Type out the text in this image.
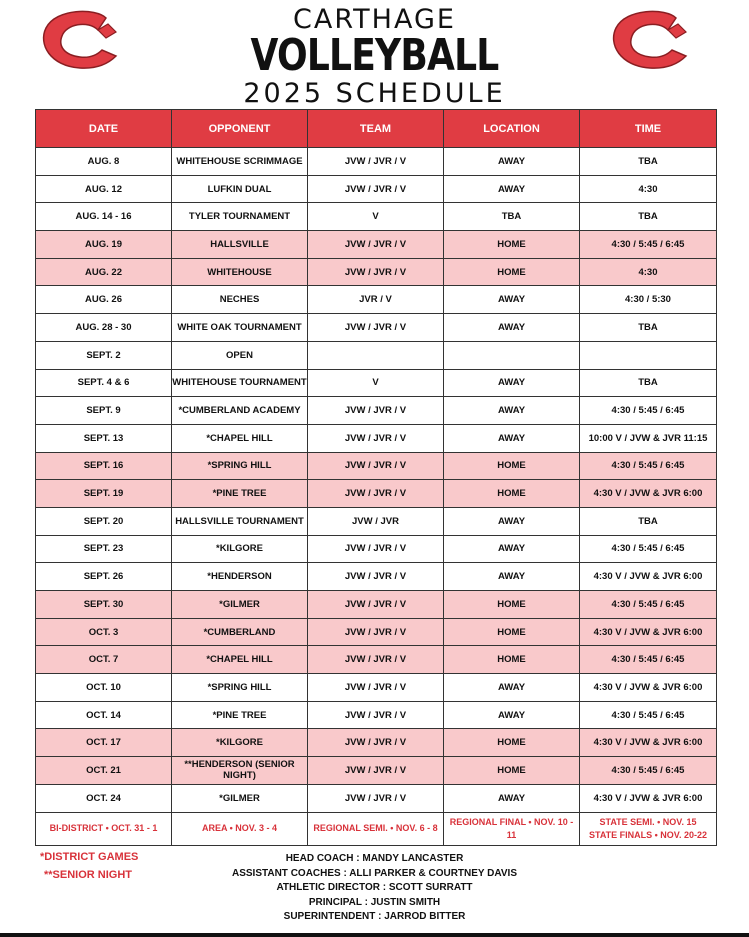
CARTHAGE
VOLLEYBALL
2025 SCHEDULE
DATE	OPPONENT	TEAM	LOCATION	TIME
AUG. 8	WHITEHOUSE SCRIMMAGE	JVW / JVR / V	AWAY	TBA
AUG. 12	LUFKIN DUAL	JVW / JVR / V	AWAY	4:30
AUG. 14 - 16	TYLER TOURNAMENT	V	TBA	TBA
AUG. 19	HALLSVILLE	JVW / JVR / V	HOME	4:30 / 5:45 / 6:45
AUG. 22	WHITEHOUSE	JVW / JVR / V	HOME	4:30
AUG. 26	NECHES	JVR / V	AWAY	4:30 / 5:30
AUG. 28 - 30	WHITE OAK TOURNAMENT	JVW / JVR / V	AWAY	TBA
SEPT. 2	OPEN			
SEPT. 4 & 6	WHITEHOUSE TOURNAMENT	V	AWAY	TBA
SEPT. 9	*CUMBERLAND ACADEMY	JVW / JVR / V	AWAY	4:30 / 5:45 / 6:45
SEPT. 13	*CHAPEL HILL	JVW / JVR / V	AWAY	10:00 V / JVW & JVR 11:15
SEPT. 16	*SPRING HILL	JVW / JVR / V	HOME	4:30 / 5:45 / 6:45
SEPT. 19	*PINE TREE	JVW / JVR / V	HOME	4:30 V / JVW & JVR 6:00
SEPT. 20	HALLSVILLE TOURNAMENT	JVW / JVR	AWAY	TBA
SEPT. 23	*KILGORE	JVW / JVR / V	AWAY	4:30 / 5:45 / 6:45
SEPT. 26	*HENDERSON	JVW / JVR / V	AWAY	4:30 V / JVW & JVR 6:00
SEPT. 30	*GILMER	JVW / JVR / V	HOME	4:30 / 5:45 / 6:45
OCT. 3	*CUMBERLAND	JVW / JVR / V	HOME	4:30 V / JVW & JVR 6:00
OCT. 7	*CHAPEL HILL	JVW / JVR / V	HOME	4:30 / 5:45 / 6:45
OCT. 10	*SPRING HILL	JVW / JVR / V	AWAY	4:30 V / JVW & JVR 6:00
OCT. 14	*PINE TREE	JVW / JVR / V	AWAY	4:30 / 5:45 / 6:45
OCT. 17	*KILGORE	JVW / JVR / V	HOME	4:30 V / JVW & JVR 6:00
OCT. 21	**HENDERSON (SENIOR NIGHT)	JVW / JVR / V	HOME	4:30 / 5:45 / 6:45
OCT. 24	*GILMER	JVW / JVR / V	AWAY	4:30 V / JVW & JVR 6:00
BI-DISTRICT • OCT. 31 - 1	AREA • NOV. 3 - 4	REGIONAL SEMI. • NOV. 6 - 8	REGIONAL FINAL • NOV. 10 - 11	STATE SEMI. • NOV. 15
STATE FINALS • NOV. 20-22
*DISTRICT GAMES
**SENIOR NIGHT
HEAD COACH : MANDY LANCASTER
ASSISTANT COACHES : ALLI PARKER & COURTNEY DAVIS
ATHLETIC DIRECTOR : SCOTT SURRATT
PRINCIPAL : JUSTIN SMITH
SUPERINTENDENT : JARROD BITTER
